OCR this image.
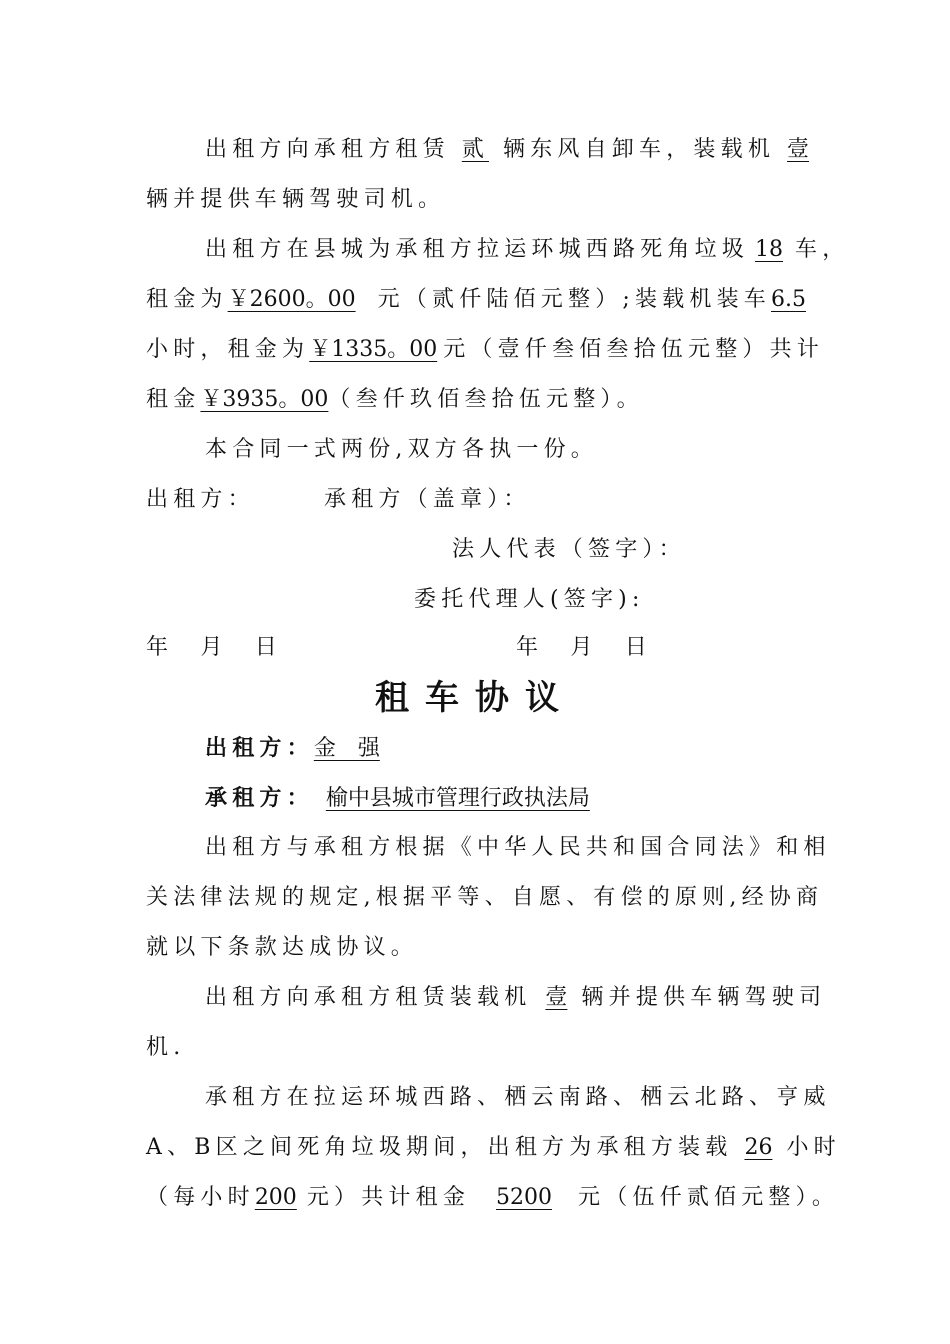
出租方向承租方租赁 贰 辆东风自卸车，装载机 壹
辆并提供车辆驾驶司机。
出租方在县城为承租方拉运环城西路死角垃圾 18 车，
租金为￥2600。00 元（贰仟陆佰元整）;装载机装车6.5
小时，租金为￥1335。00 元（壹仟叁佰叁拾伍元整）共计
租金￥3935。00（叁仟玖佰叁拾伍元整）。
本合同一式两份,双方各执一份。
出租方：	承租方（盖章）：
法人代表（签字）：
委托代理人(签字):
年　月　日	年　月　日
租车协议
出租方：金　强
承租方： 榆中县城市管理行政执法局
出租方与承租方根据《中华人民共和国合同法》和相
关法律法规的规定,根据平等、自愿、有偿的原则,经协商
就以下条款达成协议。
出租方向承租方租赁装载机 壹 辆并提供车辆驾驶司
机.
承租方在拉运环城西路、栖云南路、栖云北路、亨威
A、B区之间死角垃圾期间，出租方为承租方装载 26 小时
（每小时200 元）共计租金 5200 元（伍仟贰佰元整）。
